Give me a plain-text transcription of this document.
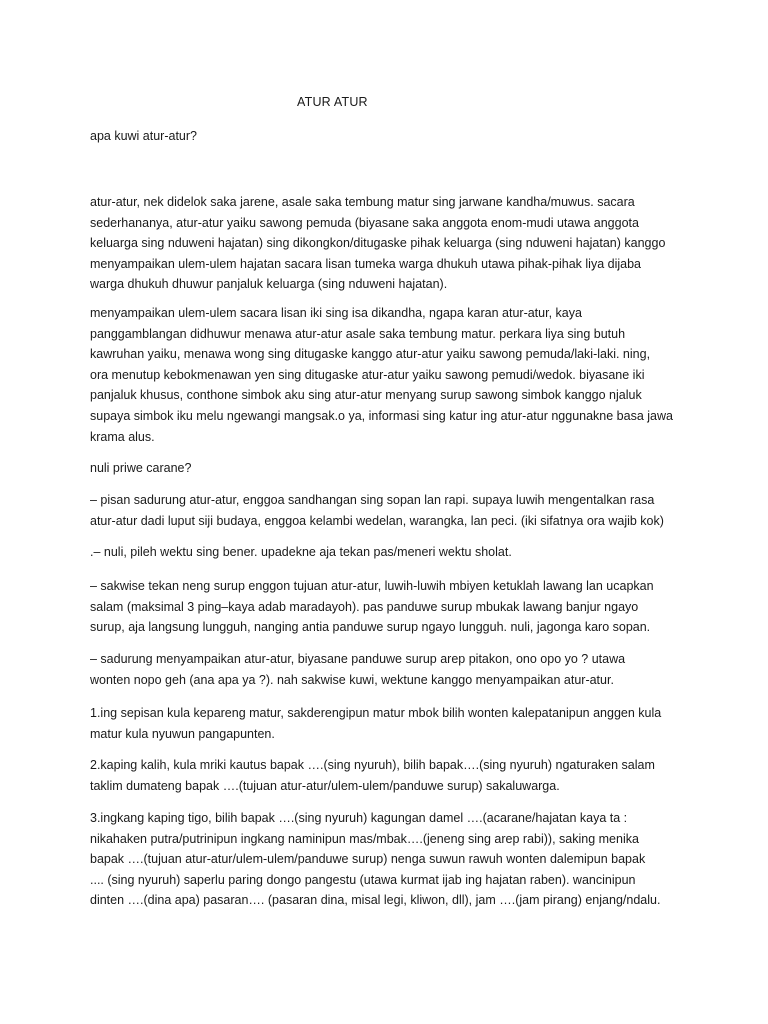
ATUR ATUR

apa kuwi atur-atur?

atur-atur, nek didelok saka jarene, asale saka tembung matur sing jarwane kandha/muwus. sacara
sederhananya, atur-atur yaiku sawong pemuda (biyasane saka anggota enom-mudi utawa anggota
keluarga sing nduweni hajatan) sing dikongkon/ditugaske pihak keluarga (sing nduweni hajatan) kanggo
menyampaikan ulem-ulem hajatan sacara lisan tumeka warga dhukuh utawa pihak-pihak liya dijaba
warga dhukuh dhuwur panjaluk keluarga (sing nduweni hajatan).

menyampaikan ulem-ulem sacara lisan iki sing isa dikandha, ngapa karan atur-atur, kaya
panggamblangan didhuwur menawa atur-atur asale saka tembung matur. perkara liya sing butuh
kawruhan yaiku, menawa wong sing ditugaske kanggo atur-atur yaiku sawong pemuda/laki-laki. ning,
ora menutup kebokmenawan yen sing ditugaske atur-atur yaiku sawong pemudi/wedok. biyasane iki
panjaluk khusus, conthone simbok aku sing atur-atur menyang surup sawong simbok kanggo njaluk
supaya simbok iku melu ngewangi mangsak.o ya, informasi sing katur ing atur-atur nggunakne basa jawa
krama alus.

nuli priwe carane?

– pisan sadurung atur-atur, enggoa sandhangan sing sopan lan rapi. supaya luwih mengentalkan rasa
atur-atur dadi luput siji budaya, enggoa kelambi wedelan, warangka, lan peci. (iki sifatnya ora wajib kok)

.– nuli, pileh wektu sing bener. upadekne aja tekan pas/meneri wektu sholat.

– sakwise tekan neng surup enggon tujuan atur-atur, luwih-luwih mbiyen ketuklah lawang lan ucapkan
salam (maksimal 3 ping–kaya adab maradayoh). pas panduwe surup mbukak lawang banjur ngayo
surup, aja langsung lungguh, nanging antia panduwe surup ngayo lungguh. nuli, jagonga karo sopan.

– sadurung menyampaikan atur-atur, biyasane panduwe surup arep pitakon, ono opo yo ? utawa
wonten nopo geh (ana apa ya ?). nah sakwise kuwi, wektune kanggo menyampaikan atur-atur.

1.ing sepisan kula kepareng matur, sakderengipun matur mbok bilih wonten kalepatanipun anggen kula
matur kula nyuwun pangapunten.

2.kaping kalih, kula mriki kautus bapak ….(sing nyuruh), bilih bapak….(sing nyuruh) ngaturaken salam
taklim dumateng bapak ….(tujuan atur-atur/ulem-ulem/panduwe surup) sakaluwarga.

3.ingkang kaping tigo, bilih bapak ….(sing nyuruh) kagungan damel ….(acarane/hajatan kaya ta :
nikahaken putra/putrinipun ingkang naminipun mas/mbak….(jeneng sing arep rabi)), saking menika
bapak ….(tujuan atur-atur/ulem-ulem/panduwe surup) nenga suwun rawuh wonten dalemipun bapak
.... (sing nyuruh) saperlu paring dongo pangestu (utawa kurmat ijab ing hajatan raben). wancinipun
dinten ….(dina apa) pasaran…. (pasaran dina, misal legi, kliwon, dll), jam ….(jam pirang) enjang/ndalu.
